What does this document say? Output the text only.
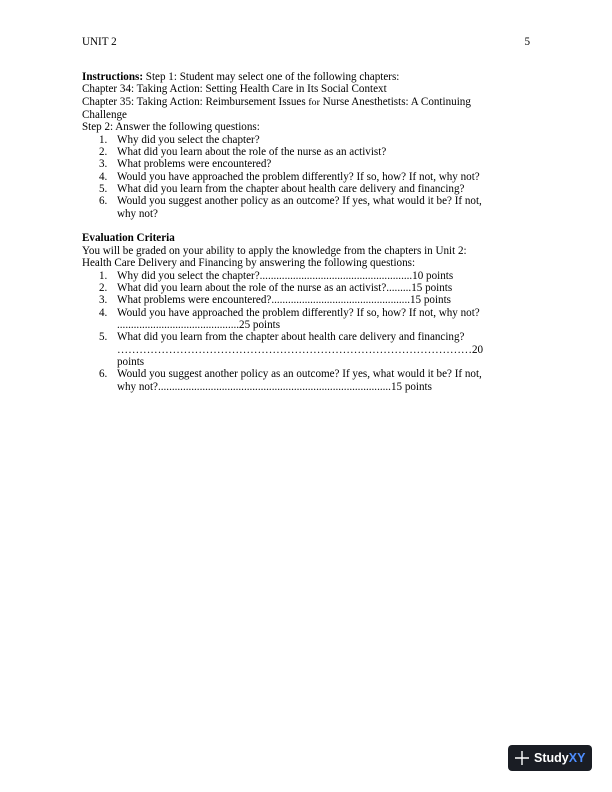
UNIT 2	5
Instructions: Step 1: Student may select one of the following chapters:
Chapter 34: Taking Action: Setting Health Care in Its Social Context
Chapter 35: Taking Action: Reimbursement Issues for Nurse Anesthetists: A Continuing
Challenge
Step 2: Answer the following questions:
1. Why did you select the chapter?
2. What did you learn about the role of the nurse as an activist?
3. What problems were encountered?
4. Would you have approached the problem differently? If so, how? If not, why not?
5. What did you learn from the chapter about health care delivery and financing?
6. Would you suggest another policy as an outcome? If yes, what would it be? If not,
why not?
Evaluation Criteria
You will be graded on your ability to apply the knowledge from the chapters in Unit 2:
Health Care Delivery and Financing by answering the following questions:
1. Why did you select the chapter?.......................................................10 points
2. What did you learn about the role of the nurse as an activist?.........15 points
3. What problems were encountered?..................................................15 points
4. Would you have approached the problem differently? If so, how? If not, why not?
............................................25 points
5. What did you learn from the chapter about health care delivery and financing?
……………………………………………………………………………………20
points
6. Would you suggest another policy as an outcome? If yes, what would it be? If not,
why not?....................................................................................15 points
StudyXY
